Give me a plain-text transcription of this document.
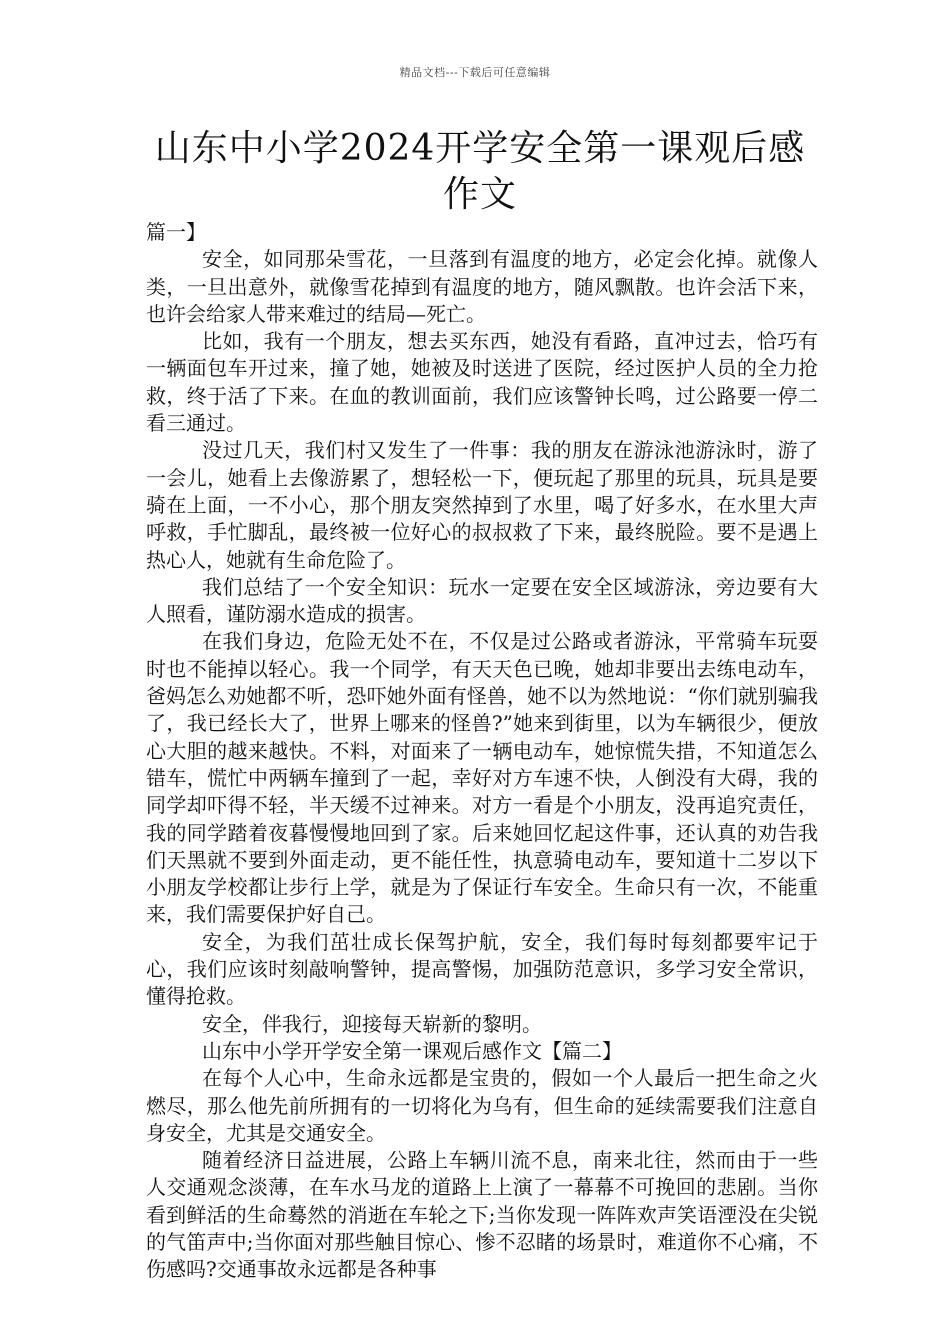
精品文档---下载后可任意编辑
山东中小学2024开学安全第一课观后感作文

篇一】

安全，如同那朵雪花，一旦落到有温度的地方，必定会化掉。就像人类，一旦出意外，就像雪花掉到有温度的地方，随风飘散。也许会活下来，也许会给家人带来难过的结局—死亡。

比如，我有一个朋友，想去买东西，她没有看路，直冲过去，恰巧有一辆面包车开过来，撞了她，她被及时送进了医院，经过医护人员的全力抢救，终于活了下来。在血的教训面前，我们应该警钟长鸣，过公路要一停二看三通过。

没过几天，我们村又发生了一件事：我的朋友在游泳池游泳时，游了一会儿，她看上去像游累了，想轻松一下，便玩起了那里的玩具，玩具是要骑在上面，一不小心，那个朋友突然掉到了水里，喝了好多水，在水里大声呼救，手忙脚乱，最终被一位好心的叔叔救了下来，最终脱险。要不是遇上热心人，她就有生命危险了。

我们总结了一个安全知识：玩水一定要在安全区域游泳，旁边要有大人照看，谨防溺水造成的损害。

在我们身边，危险无处不在，不仅是过公路或者游泳，平常骑车玩耍时也不能掉以轻心。我一个同学，有天天色已晚，她却非要出去练电动车，爸妈怎么劝她都不听，恐吓她外面有怪兽，她不以为然地说：“你们就别骗我了，我已经长大了，世界上哪来的怪兽?”她来到街里，以为车辆很少，便放心大胆的越来越快。不料，对面来了一辆电动车，她惊慌失措，不知道怎么错车，慌忙中两辆车撞到了一起，幸好对方车速不快，人倒没有大碍，我的同学却吓得不轻，半天缓不过神来。对方一看是个小朋友，没再追究责任，我的同学踏着夜暮慢慢地回到了家。后来她回忆起这件事，还认真的劝告我们天黑就不要到外面走动，更不能任性，执意骑电动车，要知道十二岁以下小朋友学校都让步行上学，就是为了保证行车安全。生命只有一次，不能重来，我们需要保护好自己。

安全，为我们茁壮成长保驾护航，安全，我们每时每刻都要牢记于心，我们应该时刻敲响警钟，提高警惕，加强防范意识，多学习安全常识，懂得抢救。

安全，伴我行，迎接每天崭新的黎明。

山东中小学开学安全第一课观后感作文【篇二】

在每个人心中，生命永远都是宝贵的，假如一个人最后一把生命之火燃尽，那么他先前所拥有的一切将化为乌有，但生命的延续需要我们注意自身安全，尤其是交通安全。

随着经济日益进展，公路上车辆川流不息，南来北往，然而由于一些人交通观念淡薄，在车水马龙的道路上上演了一幕幕不可挽回的悲剧。当你看到鲜活的生命蓦然的消逝在车轮之下;当你发现一阵阵欢声笑语湮没在尖锐的气笛声中;当你面对那些触目惊心、惨不忍睹的场景时，难道你不心痛，不伤感吗?交通事故永远都是各种事
